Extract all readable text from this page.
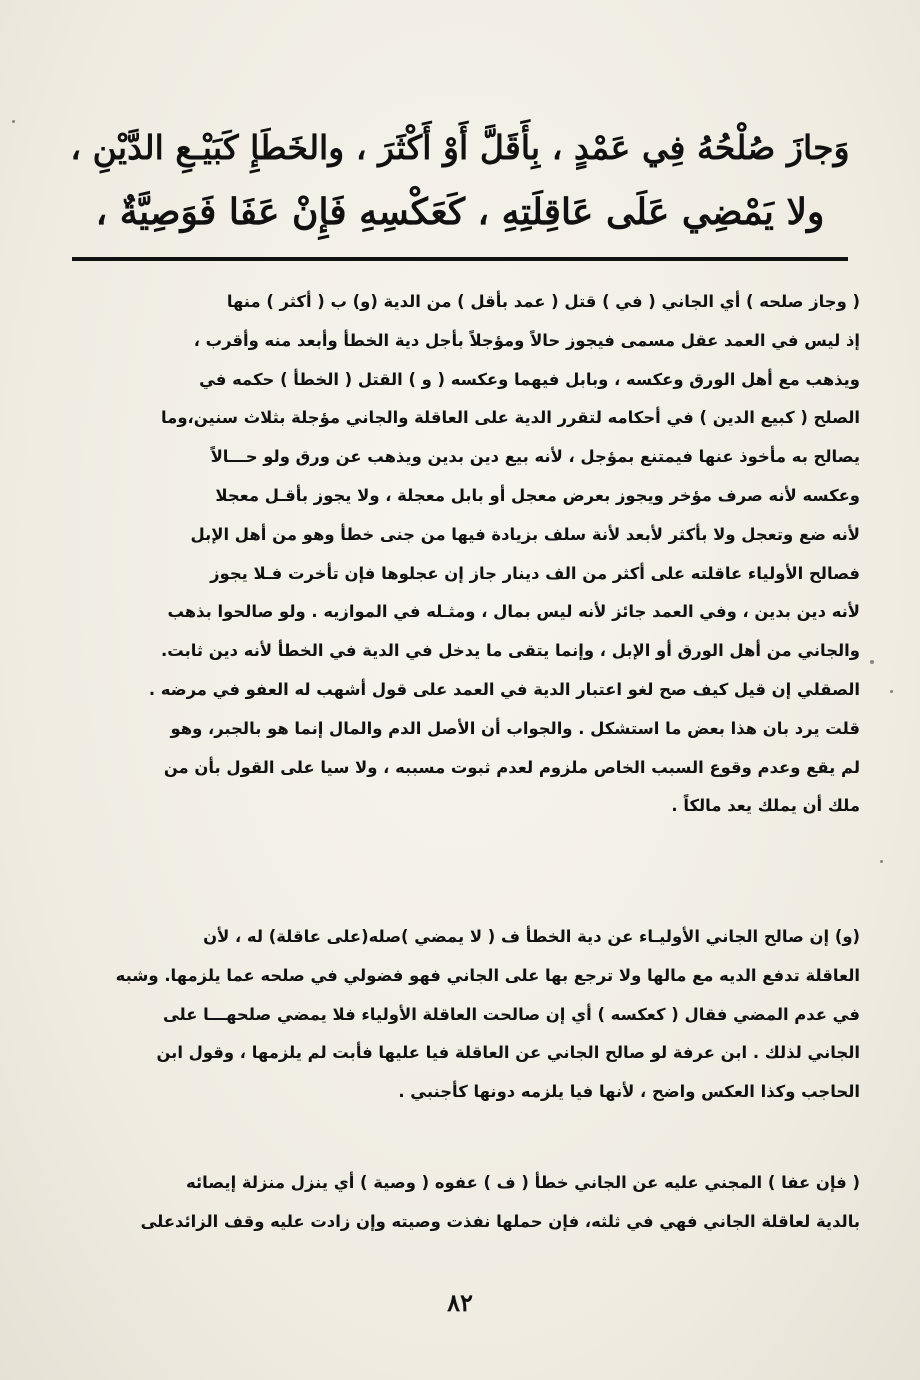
وَجازَ صُلْحُهُ فِي عَمْدٍ ، بِأَقَلَّ أَوْ أَكْثَرَ ، والخَطَإِ كَبَيْـعِ الدَّيْنِ ،
ولا يَمْضِي عَلَى عَاقِلَتِهِ ، كَعَكْسِهِ فَإِنْ عَفَا فَوَصِيَّةٌ ،
( وجاز صلحه ) أي الجاني ( في ) قتل ( عمد بأقل ) من الدية (و) ب ( أكثر ) منها
إذ ليس في العمد عقل مسمى فيجوز حالاً ومؤجلاً بأجل دية الخطأ وأبعد منه وأقرب ،
ويذهب مع أهل الورق وعكسه ، وبابل فيهما وعكسه ( و ) القتل ( الخطأ ) حكمه في
الصلح ( كبيع الدين ) في أحكامه لتقرر الدية على العاقلة والجاني مؤجلة بثلاث سنين،وما
يصالح به مأخوذ عنها فيمتنع بمؤجل ، لأنه بيع دين بدين ويذهب عن ورق ولو حـــالاً
وعكسه لأنه صرف مؤخر ويجوز بعرض معجل أو بابل معجلة ، ولا يجوز بأقـل معجلا
لأنه ضع وتعجل ولا بأكثر لأبعد لأنة سلف بزيادة فيها من جنى خطأ وهو من أهل الإبل
فصالح الأولياء عاقلته على أكثر من الف دينار جاز إن عجلوها فإن تأخرت فـلا يجوز
لأنه دين بدين ، وفي العمد جائز لأنه ليس بمال ، ومثـله في الموازيه . ولو صالحوا بذهب
والجاني من أهل الورق أو الإبل ، وإنما يتقى ما يدخل في الدية في الخطأ لأنه دين ثابت.
الصقلي إن قيل كيف صح لغو اعتبار الدية في العمد على قول أشهب له العفو في مرضه .
قلت يرد بان هذا بعض ما استشكل . والجواب أن الأصل الدم والمال إنما هو بالجبر، وهو
لم يقع وعدم وقوع السبب الخاص ملزوم لعدم ثبوت مسببه ، ولا سيا على القول بأن من
ملك أن يملك يعد مالكاً .
(و) إن صالح الجاني الأوليـاء عن دية الخطأ ف ( لا يمضي )صله(على عاقلة) له ، لأن
العاقلة تدفع الديه مع مالها ولا ترجع بها على الجاني فهو فضولي في صلحه عما يلزمها. وشبه
في عدم المضي فقال ( كعكسه ) أي إن صالحت العاقلة الأولياء فلا يمضي صلحهـــا على
الجاني لذلك . ابن عرفة لو صالح الجاني عن العاقلة فيا عليها فأبت لم يلزمها ، وقول ابن
الحاجب وكذا العكس واضح ، لأنها فيا يلزمه دونها كأجنبي .
( فإن عفا ) المجني عليه عن الجاني خطأ ( ف ) عفوه ( وصية ) أي ينزل منزلة إيصائه
بالدية لعاقلة الجاني فهي في ثلثه، فإن حملها نفذت وصيته وإن زادت عليه وقف الزائدعلى
٨٢
